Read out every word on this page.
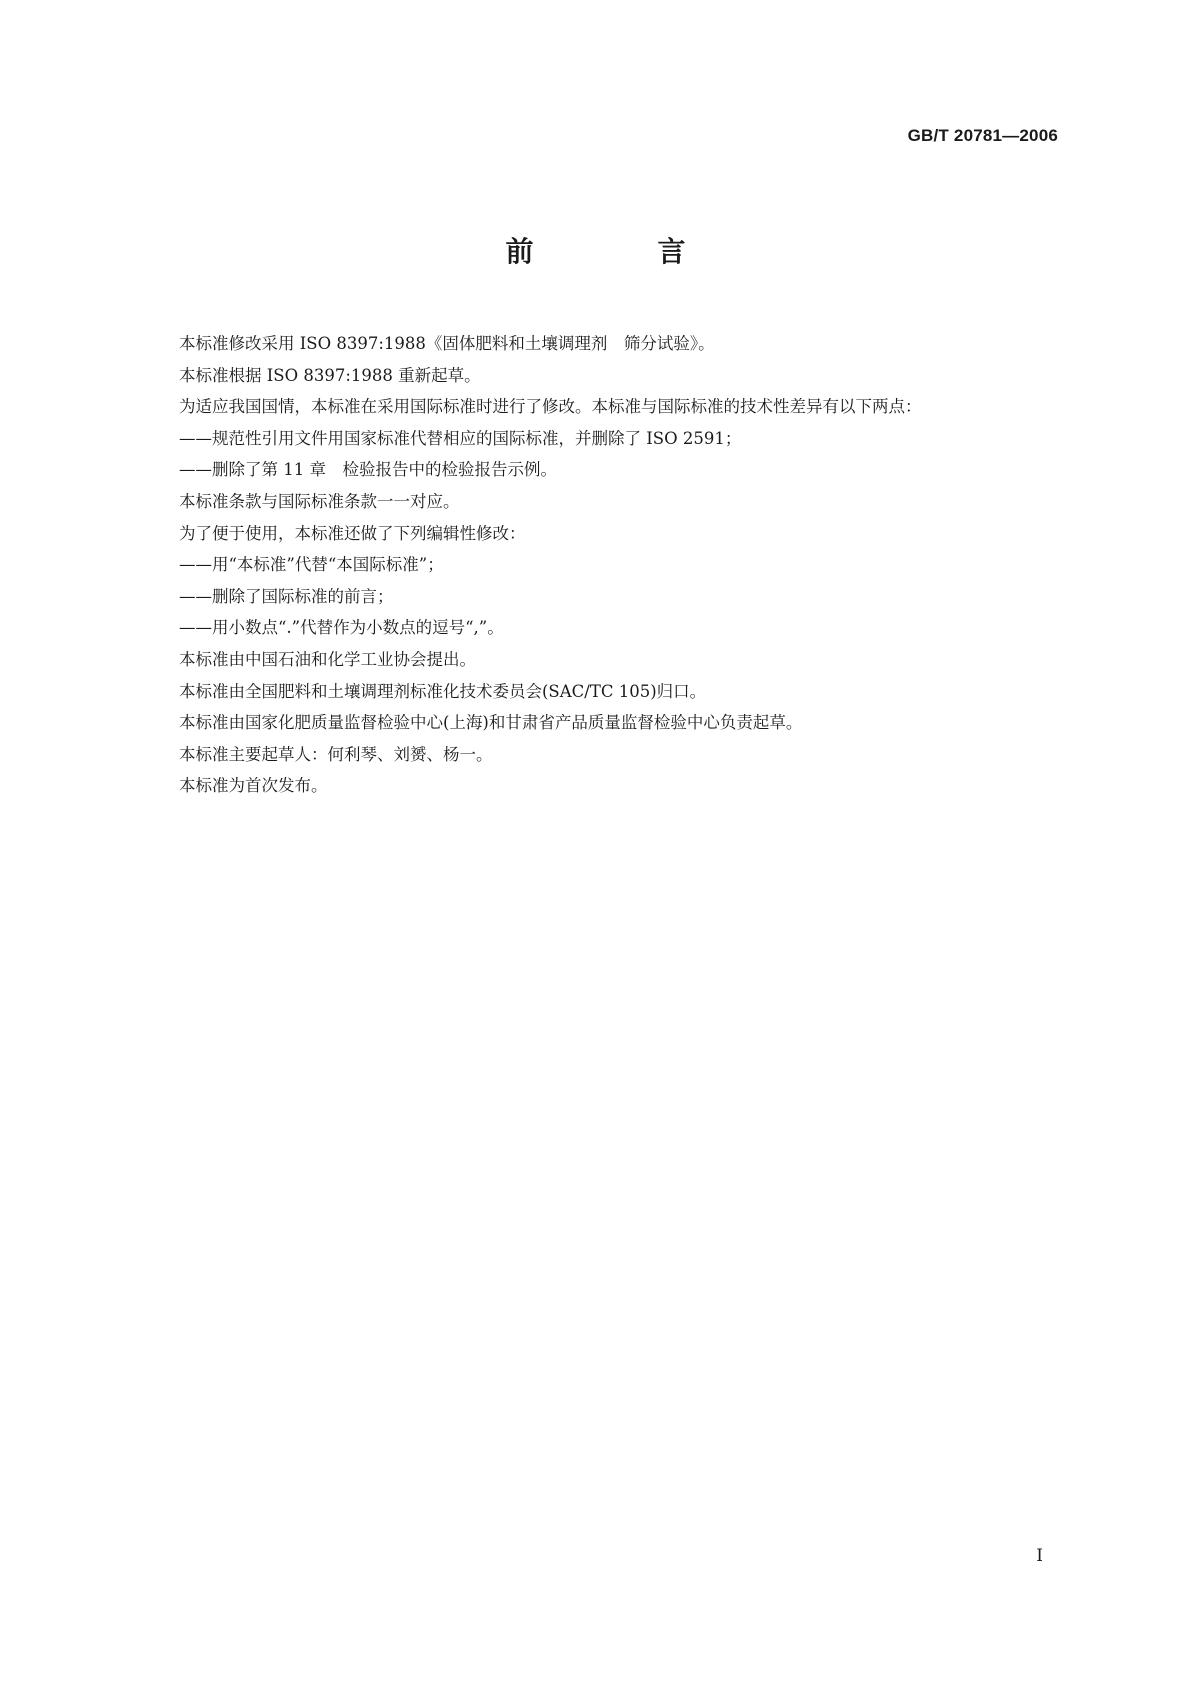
GB/T 20781—2006
前　言

本标准修改采用 ISO 8397:1988《固体肥料和土壤调理剂　筛分试验》。

本标准根据 ISO 8397:1988 重新起草。

为适应我国国情，本标准在采用国际标准时进行了修改。本标准与国际标准的技术性差异有以下两点：

——规范性引用文件用国家标准代替相应的国际标准，并删除了 ISO 2591；

——删除了第 11 章　检验报告中的检验报告示例。

本标准条款与国际标准条款一一对应。

为了便于使用，本标准还做了下列编辑性修改：

——用“本标准”代替“本国际标准”；

——删除了国际标准的前言；

——用小数点“.”代替作为小数点的逗号“,”。

本标准由中国石油和化学工业协会提出。

本标准由全国肥料和土壤调理剂标准化技术委员会(SAC/TC 105)归口。

本标准由国家化肥质量监督检验中心(上海)和甘肃省产品质量监督检验中心负责起草。

本标准主要起草人：何利琴、刘赟、杨一。

本标准为首次发布。

I
